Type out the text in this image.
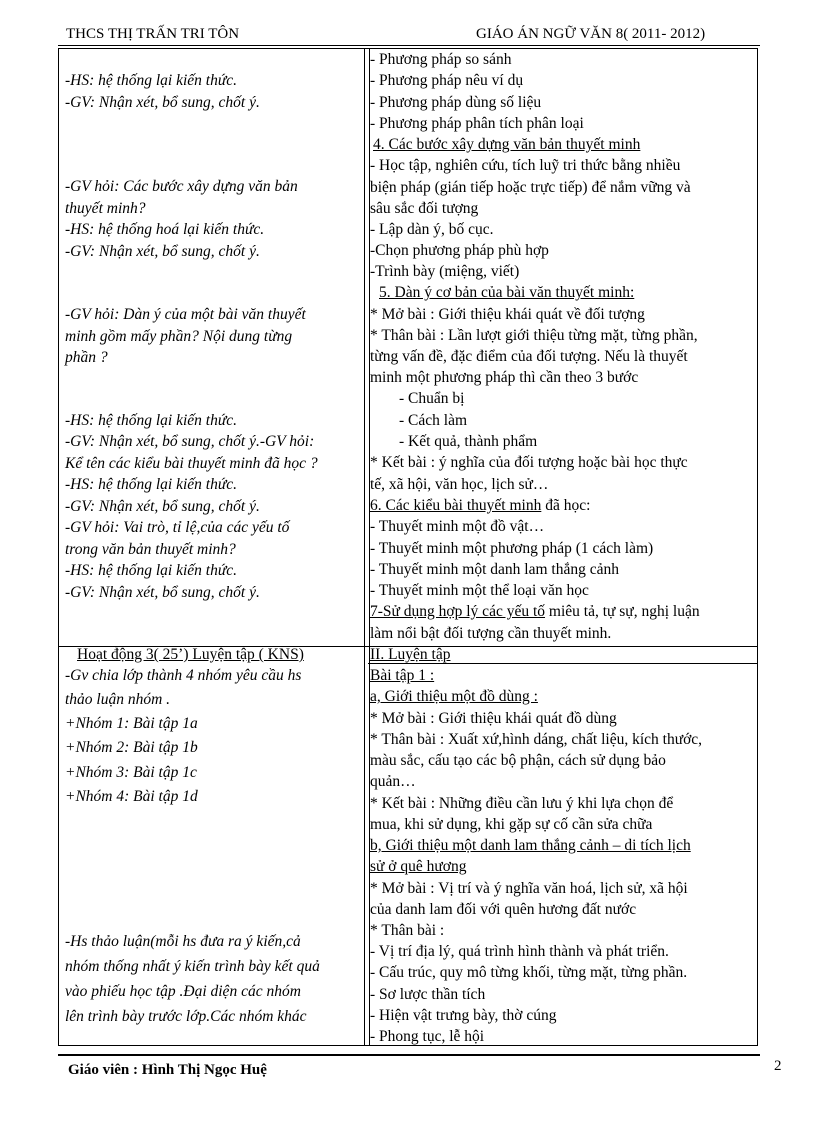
THCS THỊ TRẤN TRI TÔN	GIÁO ÁN NGỮ VĂN 8( 2011- 2012)
-HS: hệ thống lại kiến thức.
-GV: Nhận xét, bổ sung, chốt ý.
-GV hỏi: Các bước xây dựng văn bản
thuyết minh?
-HS: hệ thống hoá lại kiến thức.
-GV: Nhận xét, bổ sung, chốt ý.
-GV hỏi: Dàn ý của một bài văn thuyết
minh gồm mấy phần? Nội dung từng
phần ?
-HS: hệ thống lại kiến thức.
-GV: Nhận xét, bổ sung, chốt ý.-GV hỏi:
Kể tên các kiểu bài thuyết minh đã học ?
-HS: hệ thống lại kiến thức.
-GV: Nhận xét, bổ sung, chốt ý.
-GV hỏi: Vai trò, tỉ lệ,của các yếu tố
trong văn bản thuyết minh?
-HS: hệ thống lại kiến thức.
-GV: Nhận xét, bổ sung, chốt ý.
Hoạt động 3( 25’) Luyện tập ( KNS)
-Gv chia lớp thành 4 nhóm yêu cầu hs
thảo luận nhóm .
+Nhóm 1: Bài tập 1a
+Nhóm 2: Bài tập 1b
+Nhóm 3: Bài tập 1c
+Nhóm 4: Bài tập 1d
-Hs thảo luận(mỗi hs đưa ra ý kiến,cả
nhóm thống nhất ý kiến trình bày kết quả
vào phiếu học tập .Đại diện các nhóm
lên trình bày trước lớp.Các nhóm khác
- Phương pháp so sánh
- Phương pháp nêu ví dụ
- Phương pháp dùng số liệu
- Phương pháp phân tích phân loại
4. Các bước xây dựng văn bản thuyết minh
- Học tập, nghiên cứu, tích luỹ tri thức bằng nhiều
biện pháp (gián tiếp hoặc trực tiếp) để nắm vững và
sâu sắc đối tượng
- Lập dàn ý, bố cục.
-Chọn phương pháp phù hợp
-Trình bày (miệng, viết)
5. Dàn ý cơ bản của bài văn thuyết minh:
* Mở bài : Giới thiệu khái quát về đối tượng
* Thân bài : Lần lượt giới thiệu từng mặt, từng phần,
từng vấn đề, đặc điểm của đối tượng. Nếu là thuyết
minh một phương pháp thì cần theo 3 bước
- Chuẩn bị
- Cách làm
- Kết quả, thành phẩm
* Kết bài : ý nghĩa của đối tượng hoặc bài học thực
tế, xã hội, văn học, lịch sử…
6. Các kiểu bài thuyết minh đã học:
- Thuyết minh một đồ vật…
- Thuyết minh một phương pháp (1 cách làm)
- Thuyết minh một danh lam thắng cảnh
- Thuyết minh một thể loại văn học
7-Sử dụng hợp lý các yếu tố miêu tả, tự sự, nghị luận
làm nổi bật đối tượng cần thuyết minh.
II. Luyện tập
Bài tập 1 :
a, Giới thiệu một đồ dùng :
* Mở bài : Giới thiệu khái quát đồ dùng
* Thân bài : Xuất xứ,hình dáng, chất liệu, kích thước,
màu sắc, cấu tạo các bộ phận, cách sử dụng bảo
quản…
* Kết bài : Những điều cần lưu ý khi lựa chọn để
mua, khi sử dụng, khi gặp sự cố cần sửa chữa
b, Giới thiệu một danh lam thắng cảnh – di tích lịch
sử ở quê hương
* Mở bài : Vị trí và ý nghĩa văn hoá, lịch sử, xã hội
của danh lam đối với quên hương đất nước
* Thân bài :
- Vị trí địa lý, quá trình hình thành và phát triển.
- Cấu trúc, quy mô từng khối, từng mặt, từng phần.
- Sơ lược thần tích
- Hiện vật trưng bày, thờ cúng
- Phong tục, lễ hội
Giáo viên : Hình Thị Ngọc Huệ	2
